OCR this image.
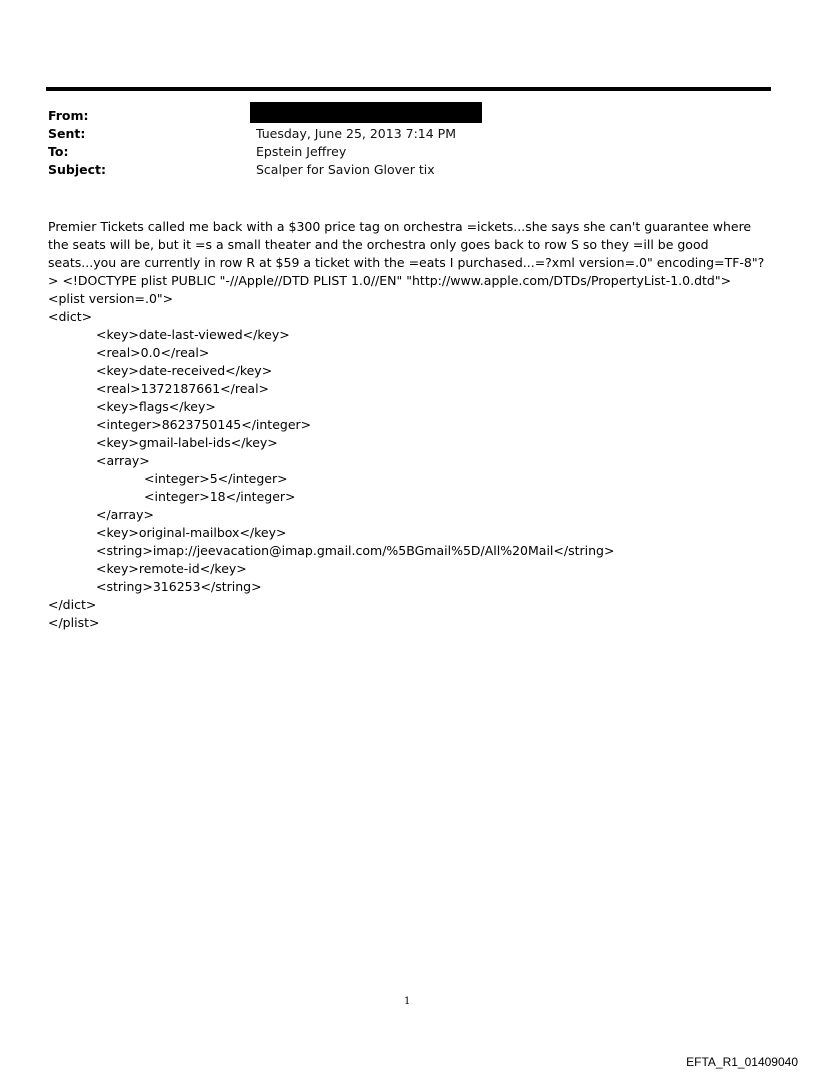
From:
Sent:	Tuesday, June 25, 2013 7:14 PM
To:	Epstein Jeffrey
Subject:	Scalper for Savion Glover tix
Premier Tickets called me back with a $300 price tag on orchestra =ickets...she says she can't guarantee where the seats will be, but it =s a small theater and the orchestra only goes back to row S so they =ill be good seats...you are currently in row R at $59 a ticket with the =eats I purchased...=?xml version=.0" encoding=TF-8"?> <!DOCTYPE plist PUBLIC "-//Apple//DTD PLIST 1.0//EN" "http://www.apple.com/DTDs/PropertyList-1.0.dtd">
<plist version=.0">
<dict>
<key>date-last-viewed</key>
<real>0.0</real>
<key>date-received</key>
<real>1372187661</real>
<key>flags</key>
<integer>8623750145</integer>
<key>gmail-label-ids</key>
<array>
<integer>5</integer>
<integer>18</integer>
</array>
<key>original-mailbox</key>
<string>imap://jeevacation@imap.gmail.com/%5BGmail%5D/All%20Mail</string>
<key>remote-id</key>
<string>316253</string>
</dict>
</plist>
1
EFTA_R1_01409040
